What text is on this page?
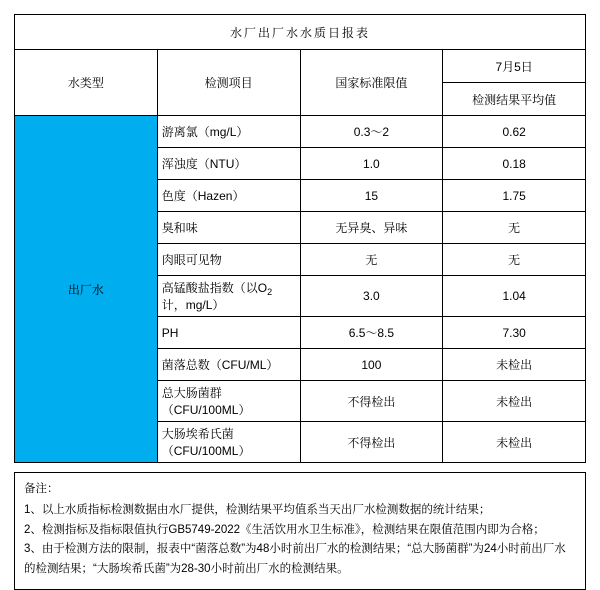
水厂出厂水水质日报表			
水类型	检测项目	国家标准限值	7月5日
			检测结果平均值
出厂水	游离氯（mg/L）	0.3～2	0.62
	浑浊度（NTU）	1.0	0.18
	色度（Hazen）	15	1.75
	臭和味	无异臭、异味	无
	肉眼可见物	无	无
	高锰酸盐指数（以$O_2$计，mg/L）	3.0	1.04
	PH	6.5～8.5	7.30
	菌落总数（CFU/ML）	100	未检出
	总大肠菌群（CFU/100ML）	不得检出	未检出
	大肠埃希氏菌（CFU/100ML）	不得检出	未检出
备注：
1、以上水质指标检测数据由水厂提供，检测结果平均值系当天出厂水检测数据的统计结果；
2、检测指标及指标限值执行GB5749-2022《生活饮用水卫生标准》，检测结果在限值范围内即为合格；
3、由于检测方法的限制，报表中“菌落总数”为48小时前出厂水的检测结果；“总大肠菌群”为24小时前出厂水的检测结果；“大肠埃希氏菌”为28-30小时前出厂水的检测结果。
